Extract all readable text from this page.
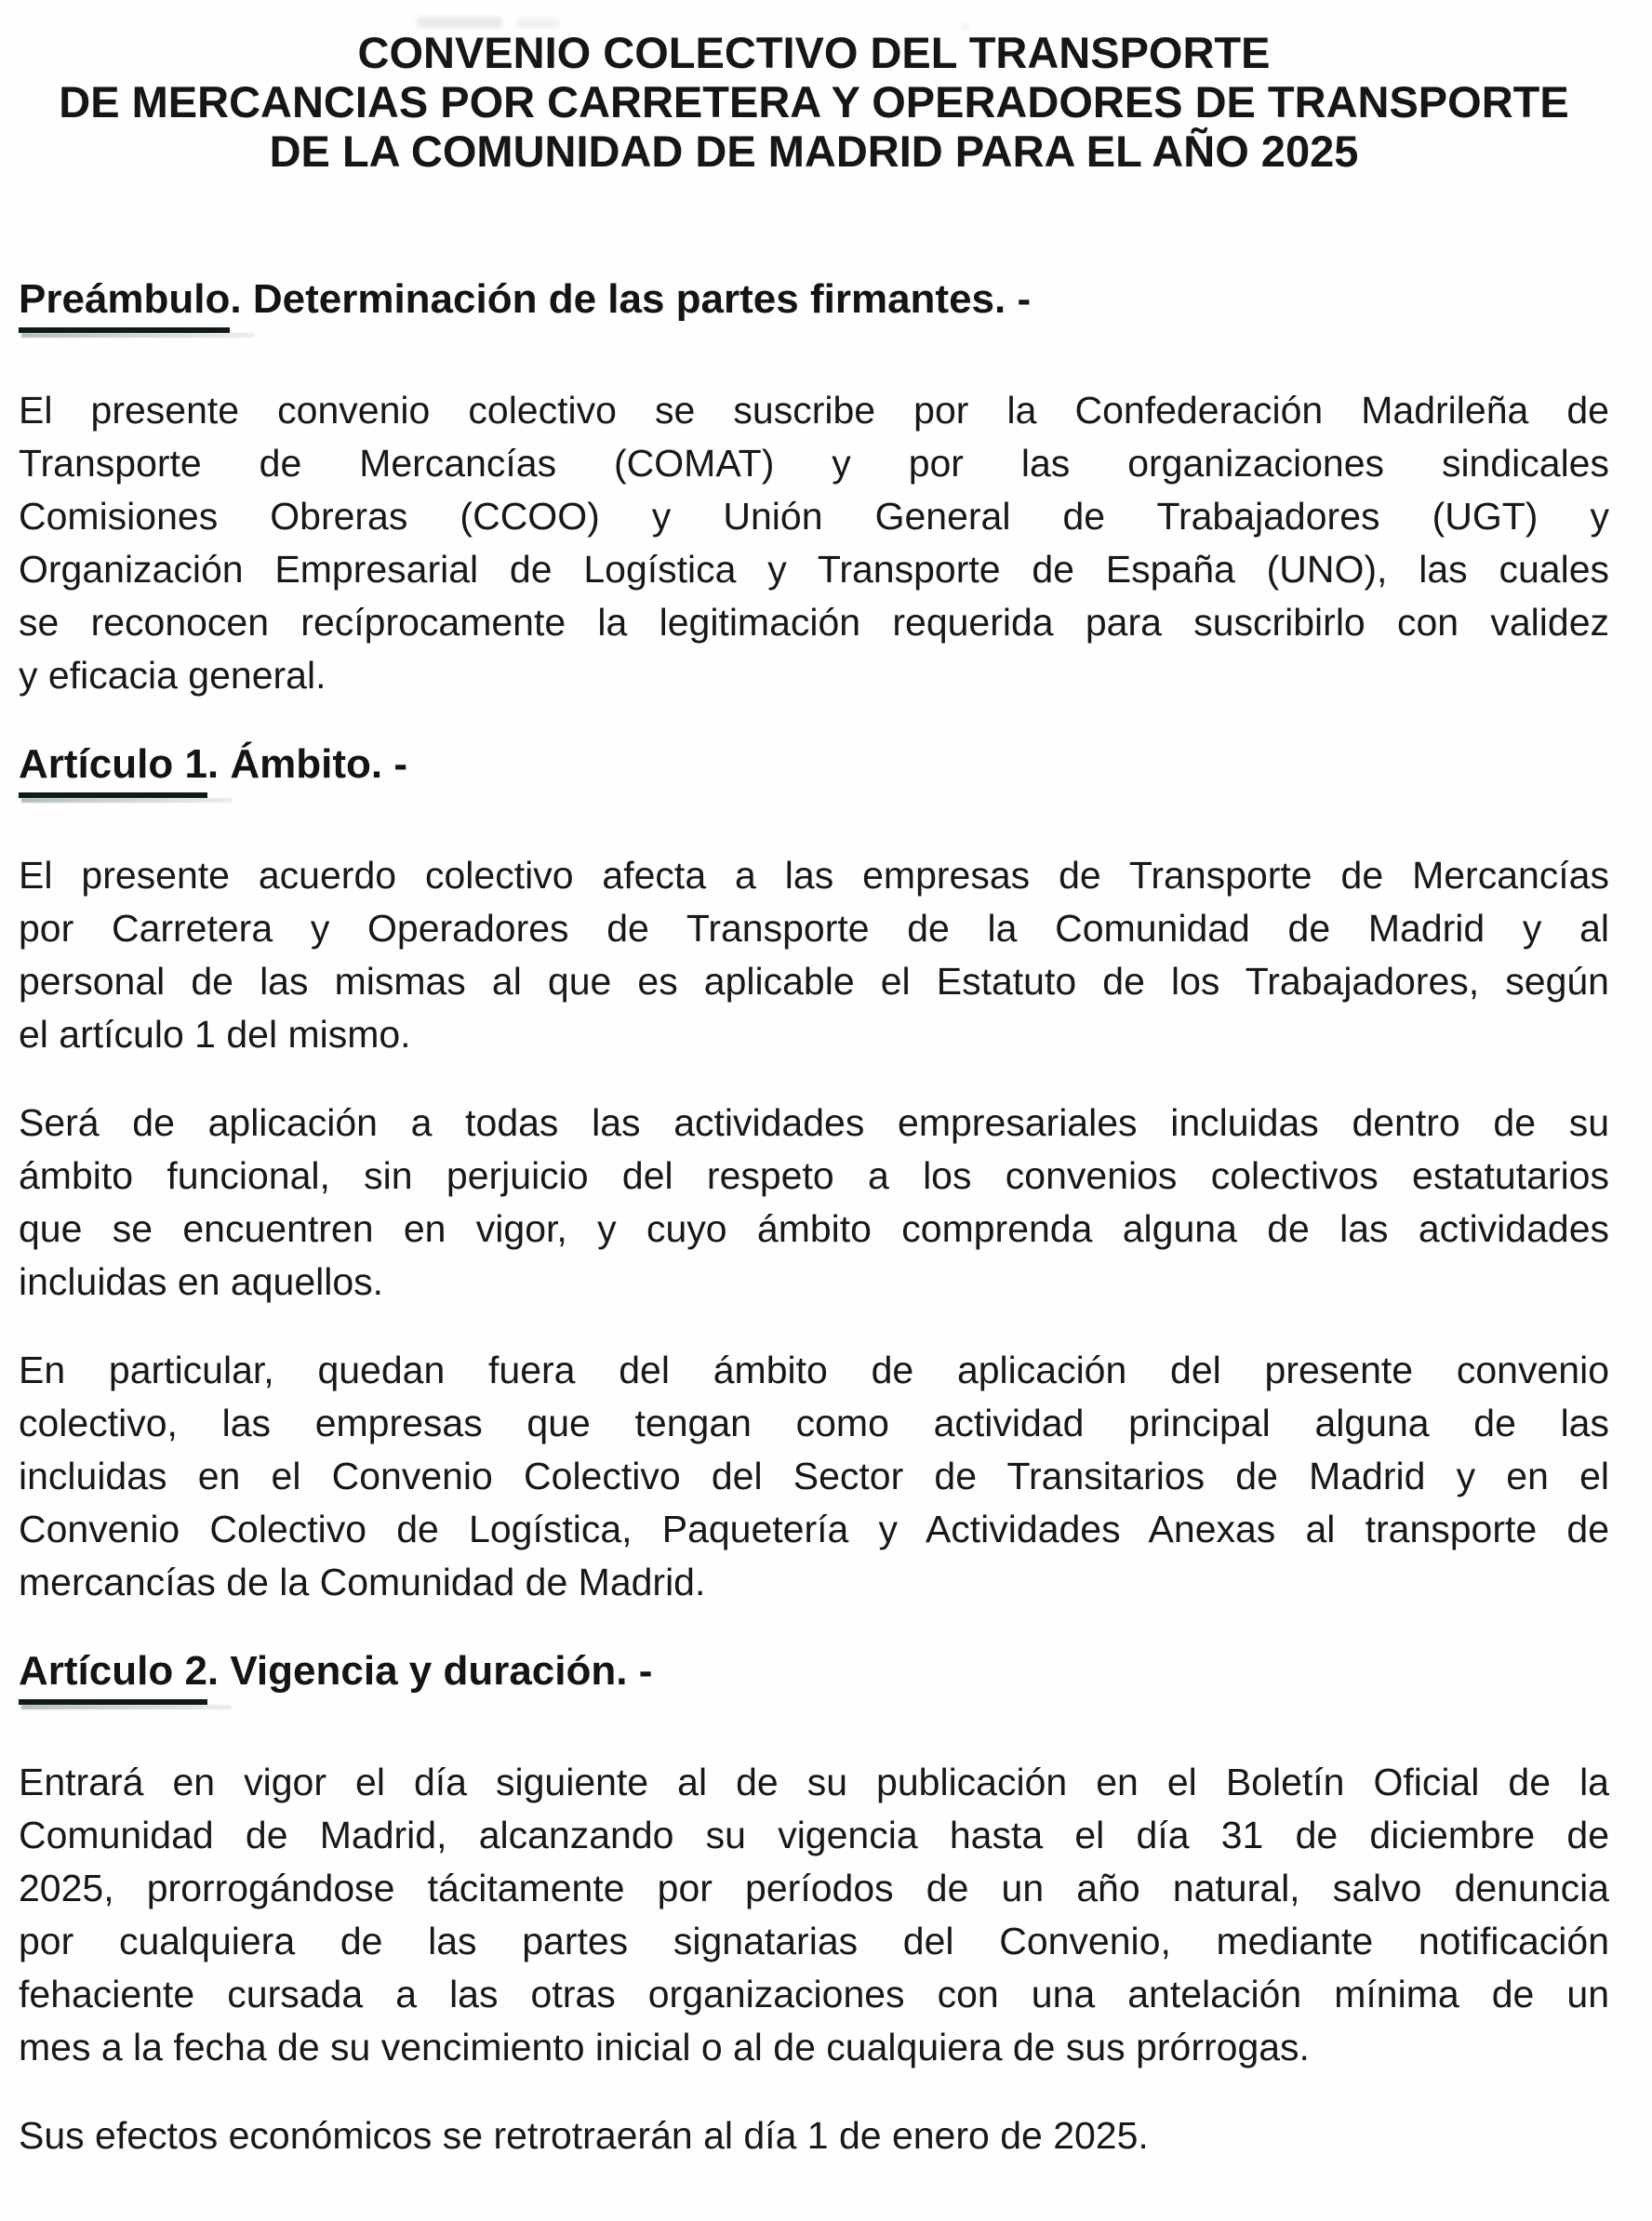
CONVENIO COLECTIVO DEL TRANSPORTE
DE MERCANCIAS POR CARRETERA Y OPERADORES DE TRANSPORTE
DE LA COMUNIDAD DE MADRID PARA EL AÑO 2025
Preámbulo. Determinación de las partes firmantes. -
El presente convenio colectivo se suscribe por la Confederación Madrileña de
Transporte de Mercancías (COMAT) y por las organizaciones sindicales
Comisiones Obreras (CCOO) y Unión General de Trabajadores (UGT) y
Organización Empresarial de Logística y Transporte de España (UNO), las cuales
se reconocen recíprocamente la legitimación requerida para suscribirlo con validez
y eficacia general.
Artículo 1. Ámbito. -
El presente acuerdo colectivo afecta a las empresas de Transporte de Mercancías
por Carretera y Operadores de Transporte de la Comunidad de Madrid y al
personal de las mismas al que es aplicable el Estatuto de los Trabajadores, según
el artículo 1 del mismo.
Será de aplicación a todas las actividades empresariales incluidas dentro de su
ámbito funcional, sin perjuicio del respeto a los convenios colectivos estatutarios
que se encuentren en vigor, y cuyo ámbito comprenda alguna de las actividades
incluidas en aquellos.
En particular, quedan fuera del ámbito de aplicación del presente convenio
colectivo, las empresas que tengan como actividad principal alguna de las
incluidas en el Convenio Colectivo del Sector de Transitarios de Madrid y en el
Convenio Colectivo de Logística, Paquetería y Actividades Anexas al transporte de
mercancías de la Comunidad de Madrid.
Artículo 2. Vigencia y duración. -
Entrará en vigor el día siguiente al de su publicación en el Boletín Oficial de la
Comunidad de Madrid, alcanzando su vigencia hasta el día 31 de diciembre de
2025, prorrogándose tácitamente por períodos de un año natural, salvo denuncia
por cualquiera de las partes signatarias del Convenio, mediante notificación
fehaciente cursada a las otras organizaciones con una antelación mínima de un
mes a la fecha de su vencimiento inicial o al de cualquiera de sus prórrogas.
Sus efectos económicos se retrotraerán al día 1 de enero de 2025.
